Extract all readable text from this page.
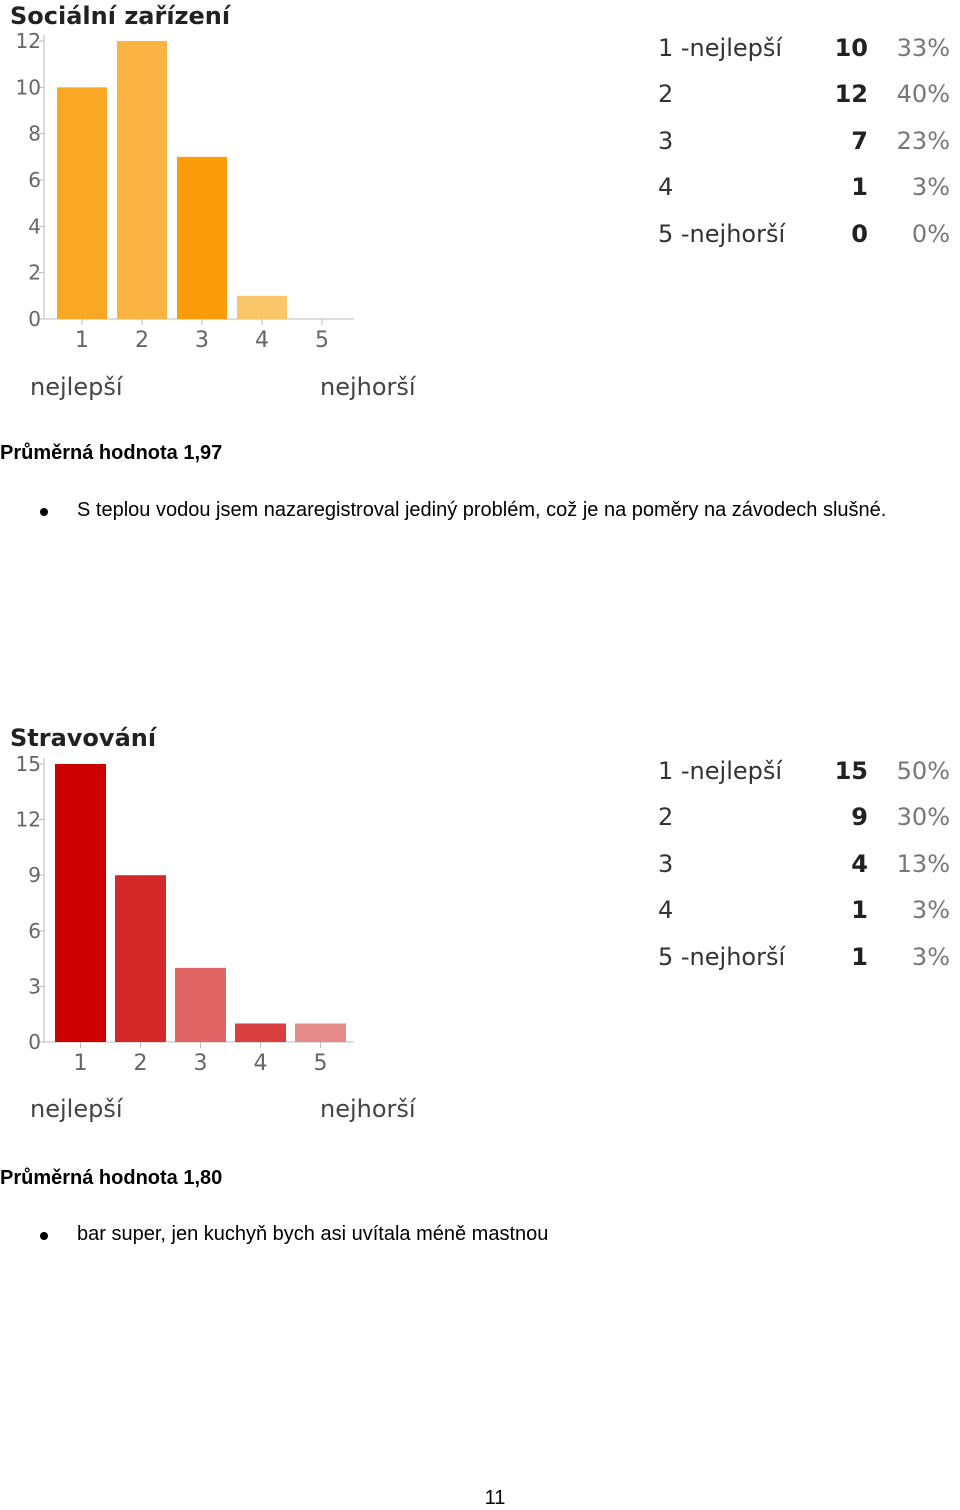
Sociální zařízení
0
2
4
6
8
10
12
1 2 3 4 5
nejlepší	nejhorší
1 -nejlepší	10	33%
2	12	40%
3	7	23%
4	1	3%
5 -nejhorší	0	0%
Průměrná hodnota 1,97
S teplou vodou jsem nazaregistroval jediný problém, což je na poměry na závodech slušné.
Stravování
0
3
6
9
12
15
1 2 3 4 5
nejlepší	nejhorší
1 -nejlepší	15	50%
2	9	30%
3	4	13%
4	1	3%
5 -nejhorší	1	3%
Průměrná hodnota 1,80
bar super, jen kuchyň bych asi uvítala méně mastnou
11
